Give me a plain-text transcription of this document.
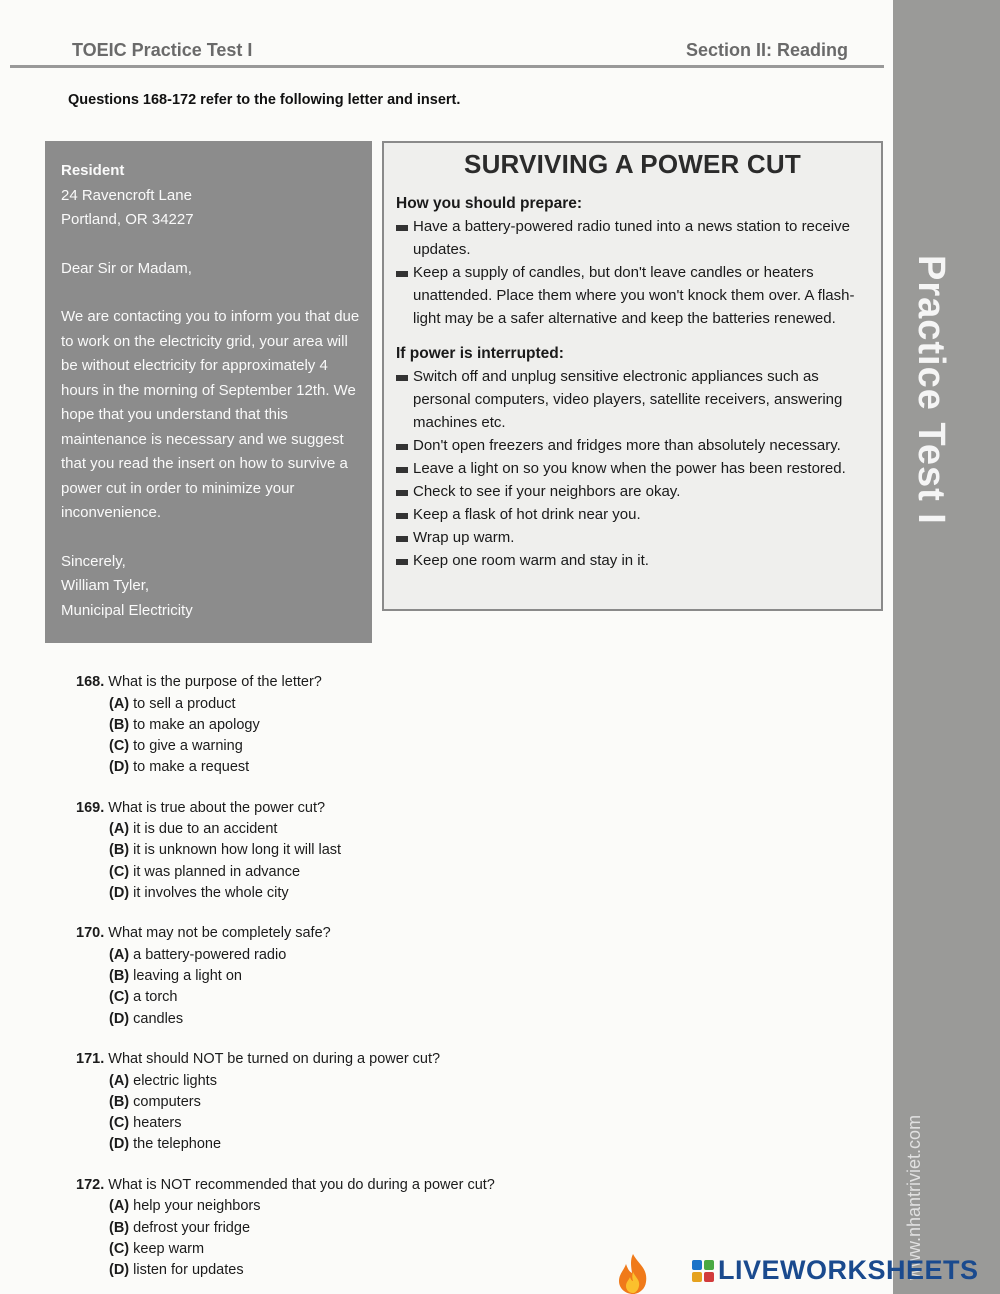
TOEIC Practice Test I	Section II: Reading
Practice Test I
www.nhantriviet.com
Questions 168-172 refer to the following letter and insert.
Resident
24 Ravencroft Lane
Portland, OR 34227
Dear Sir or Madam,
We are contacting you to inform you that due to work on the electricity grid, your area will be without electricity for approximately 4 hours in the morning of September 12th. We hope that you understand that this maintenance is necessary and we suggest that you read the insert on how to survive a power cut in order to minimize your inconvenience.
Sincerely,
William Tyler,
Municipal Electricity
SURVIVING A POWER CUT
How you should prepare:
Have a battery-powered radio tuned into a news station to receive updates.
Keep a supply of candles, but don't leave candles or heaters unattended. Place them where you won't knock them over. A flash-light may be a safer alternative and keep the batteries renewed.
If power is interrupted:
Switch off and unplug sensitive electronic appliances such as personal computers, video players, satellite receivers, answering machines etc.
Don't open freezers and fridges more than absolutely necessary.
Leave a light on so you know when the power has been restored.
Check to see if your neighbors are okay.
Keep a flask of hot drink near you.
Wrap up warm.
Keep one room warm and stay in it.
168. What is the purpose of the letter?
(A) to sell a product
(B) to make an apology
(C) to give a warning
(D) to make a request
169. What is true about the power cut?
(A) it is due to an accident
(B) it is unknown how long it will last
(C) it was planned in advance
(D) it involves the whole city
170. What may not be completely safe?
(A) a battery-powered radio
(B) leaving a light on
(C) a torch
(D) candles
171. What should NOT be turned on during a power cut?
(A) electric lights
(B) computers
(C) heaters
(D) the telephone
172. What is NOT recommended that you do during a power cut?
(A) help your neighbors
(B) defrost your fridge
(C) keep warm
(D) listen for updates	LIVEWORKSHEETS
